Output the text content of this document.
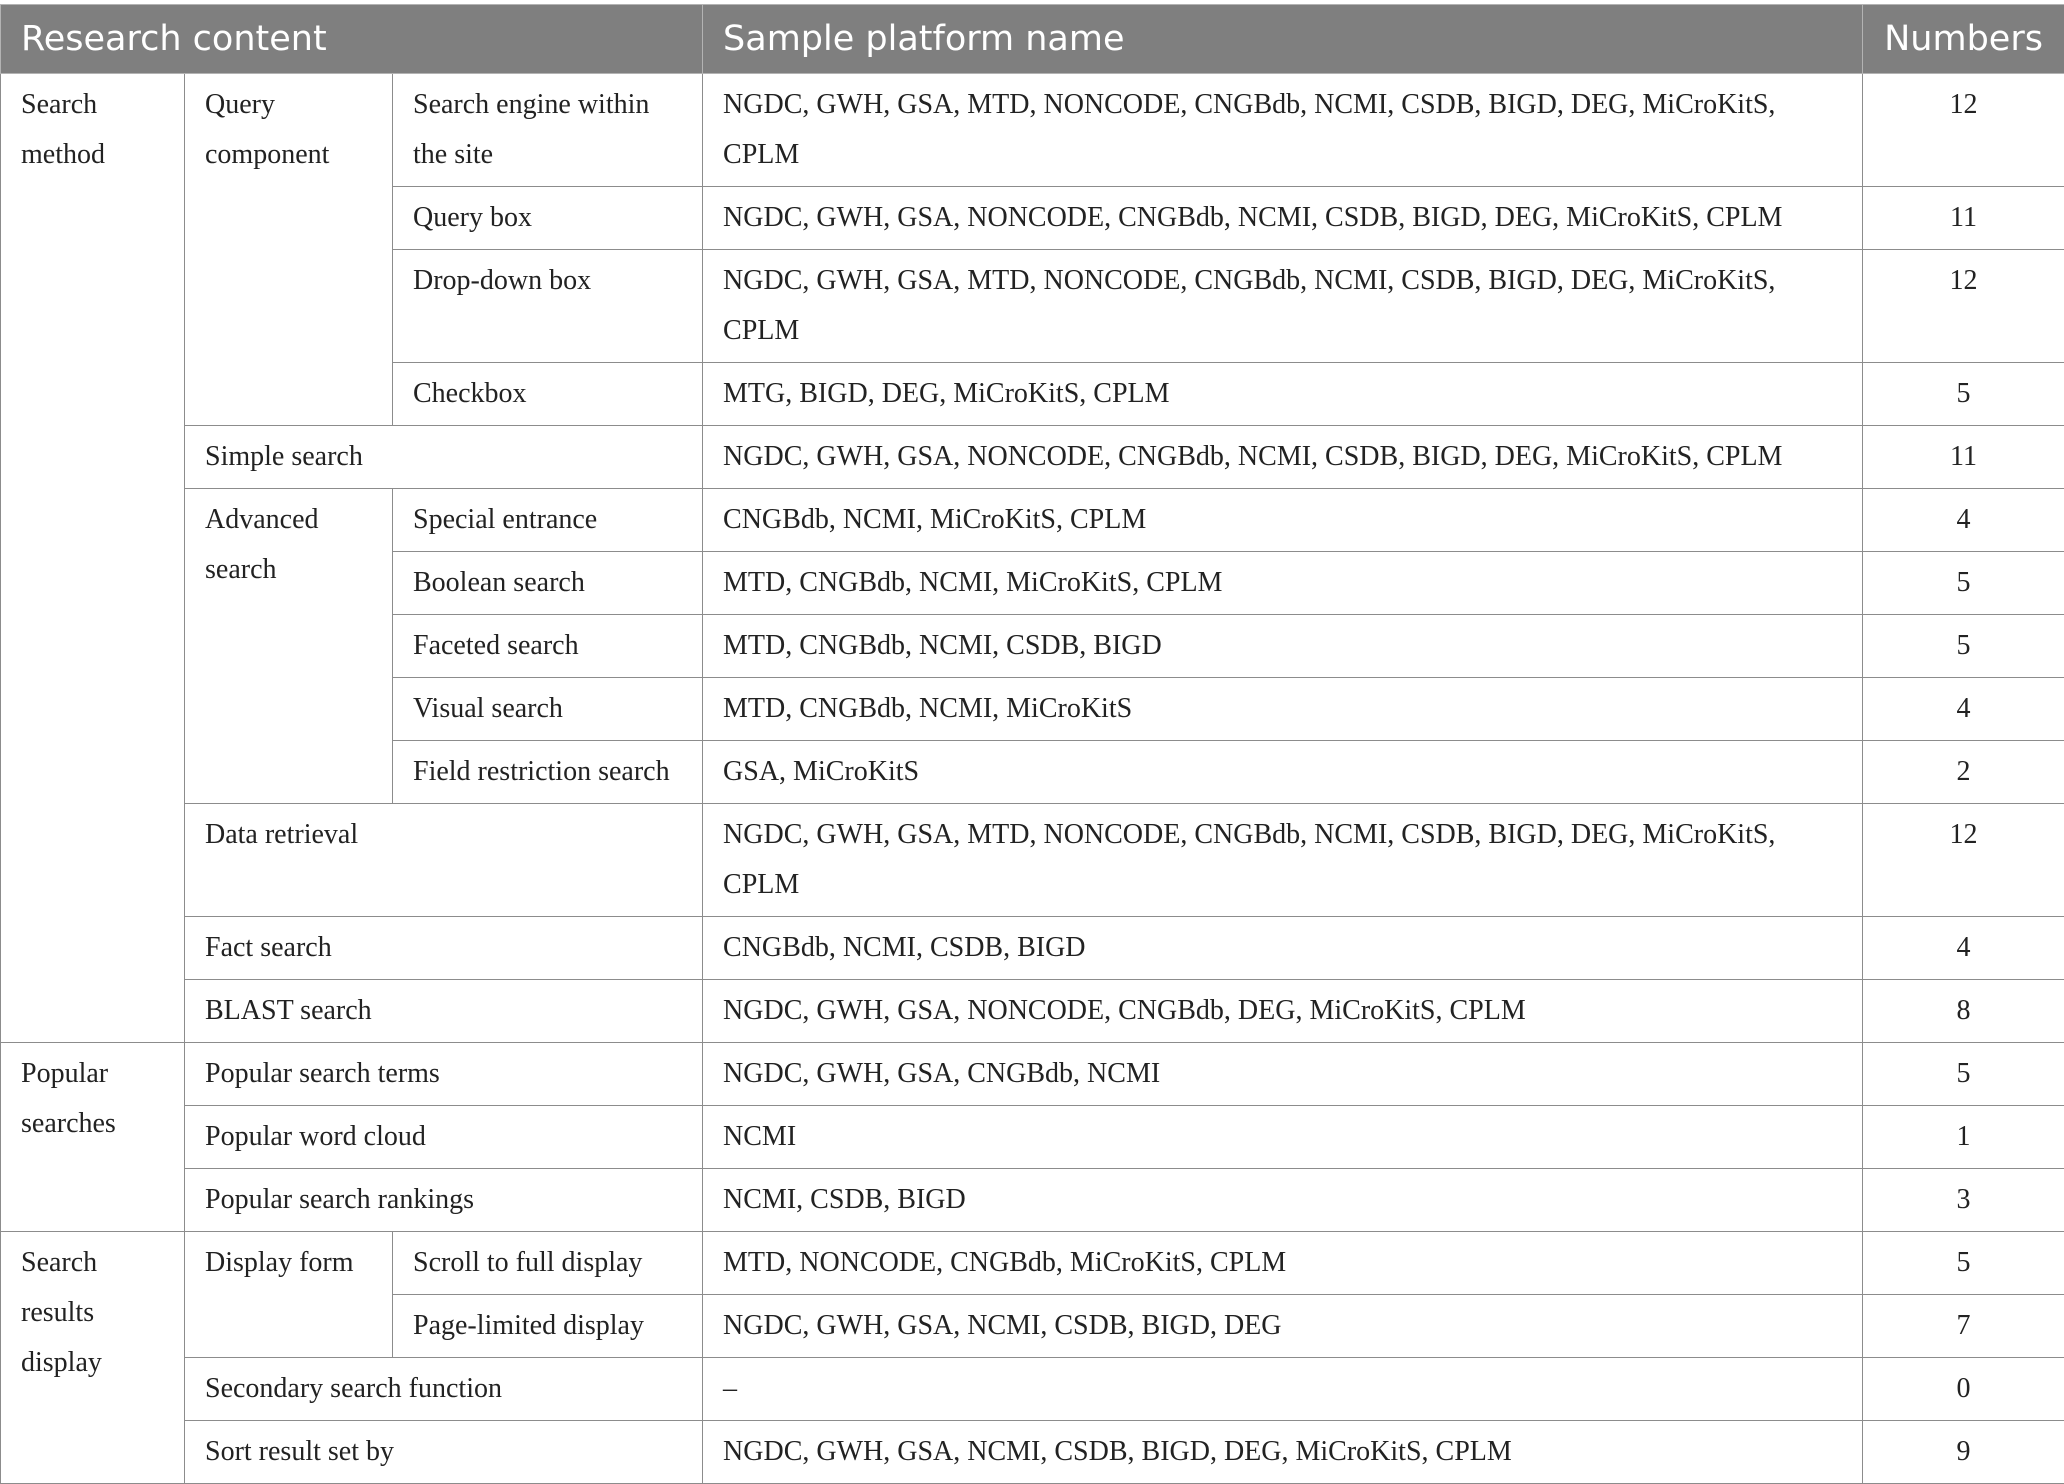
Research content			Sample platform name	Numbers
Search method	Query component	Search engine within the site	NGDC, GWH, GSA, MTD, NONCODE, CNGBdb, NCMI, CSDB, BIGD, DEG, MiCroKitS, CPLM	12
		Query box	NGDC, GWH, GSA, NONCODE, CNGBdb, NCMI, CSDB, BIGD, DEG, MiCroKitS, CPLM	11
		Drop-down box	NGDC, GWH, GSA, MTD, NONCODE, CNGBdb, NCMI, CSDB, BIGD, DEG, MiCroKitS, CPLM	12
		Checkbox	MTG, BIGD, DEG, MiCroKitS, CPLM	5
	Simple search		NGDC, GWH, GSA, NONCODE, CNGBdb, NCMI, CSDB, BIGD, DEG, MiCroKitS, CPLM	11
	Advanced search	Special entrance	CNGBdb, NCMI, MiCroKitS, CPLM	4
		Boolean search	MTD, CNGBdb, NCMI, MiCroKitS, CPLM	5
		Faceted search	MTD, CNGBdb, NCMI, CSDB, BIGD	5
		Visual search	MTD, CNGBdb, NCMI, MiCroKitS	4
		Field restriction search	GSA, MiCroKitS	2
	Data retrieval		NGDC, GWH, GSA, MTD, NONCODE, CNGBdb, NCMI, CSDB, BIGD, DEG, MiCroKitS, CPLM	12
	Fact search		CNGBdb, NCMI, CSDB, BIGD	4
	BLAST search		NGDC, GWH, GSA, NONCODE, CNGBdb, DEG, MiCroKitS, CPLM	8
Popular searches	Popular search terms		NGDC, GWH, GSA, CNGBdb, NCMI	5
	Popular word cloud		NCMI	1
	Popular search rankings		NCMI, CSDB, BIGD	3
Search results display	Display form	Scroll to full display	MTD, NONCODE, CNGBdb, MiCroKitS, CPLM	5
		Page-limited display	NGDC, GWH, GSA, NCMI, CSDB, BIGD, DEG	7
	Secondary search function		–	0
	Sort result set by		NGDC, GWH, GSA, NCMI, CSDB, BIGD, DEG, MiCroKitS, CPLM	9
